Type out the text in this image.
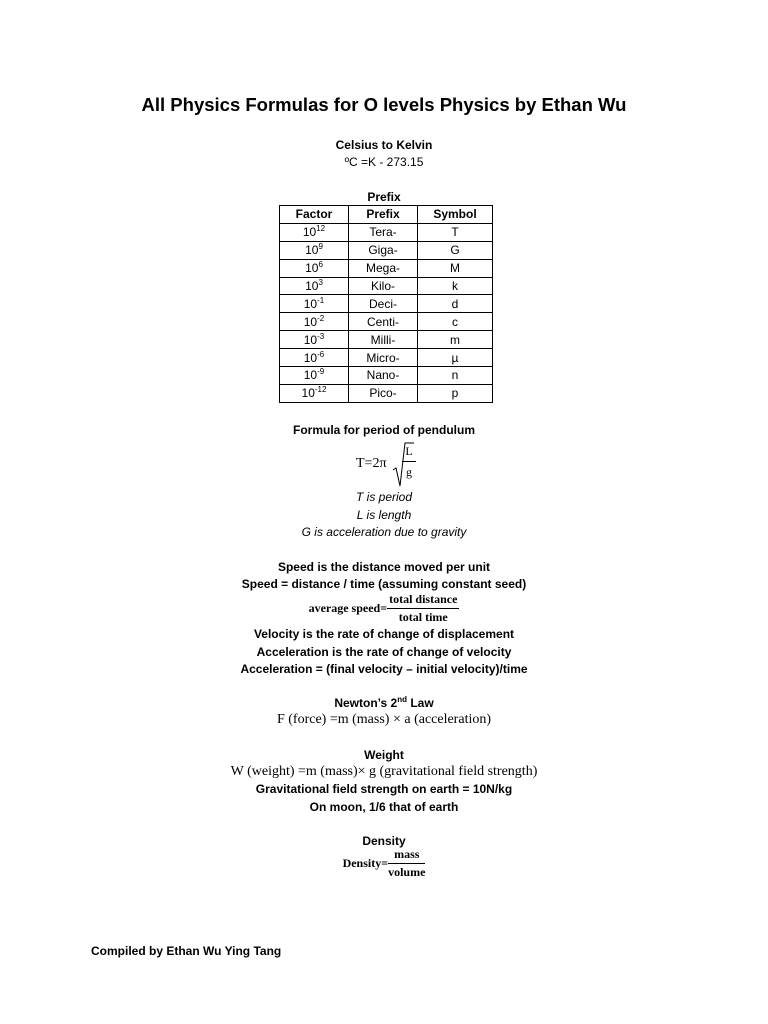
All Physics Formulas for O levels Physics by Ethan Wu
Celsius to Kelvin
ºC =K - 273.15
Prefix
Factor	Prefix	Symbol
$10^{12}$	Tera-	T
$10^9$	Giga-	G
$10^6$	Mega-	M
$10^3$	Kilo-	k
$10^{-1}$	Deci-	d
$10^{-2}$	Centi-	c
$10^{-3}$	Milli-	m
$10^{-6}$	Micro-	µ
$10^{-9}$	Nano-	n
$10^{-12}$	Pico-	p
Formula for period of pendulum
T=2π
L
g
T is period
L is length
G is acceleration due to gravity
Speed is the distance moved per unit
Speed = distance / time (assuming constant seed)
average speed= $\frac{\text{total distance}}{\text{total time}}$
Velocity is the rate of change of displacement
Acceleration is the rate of change of velocity
Acceleration = (final velocity – initial velocity)/time
Newton’s 2nd Law
F (force) =m (mass) × a (acceleration)
Weight
W (weight) =m (mass)× g (gravitational field strength)
Gravitational field strength on earth = 10N/kg
On moon, 1/6 that of earth
Density
Density= $\frac{\text{mass}}{\text{volume}}$
Compiled by Ethan Wu Ying Tang
